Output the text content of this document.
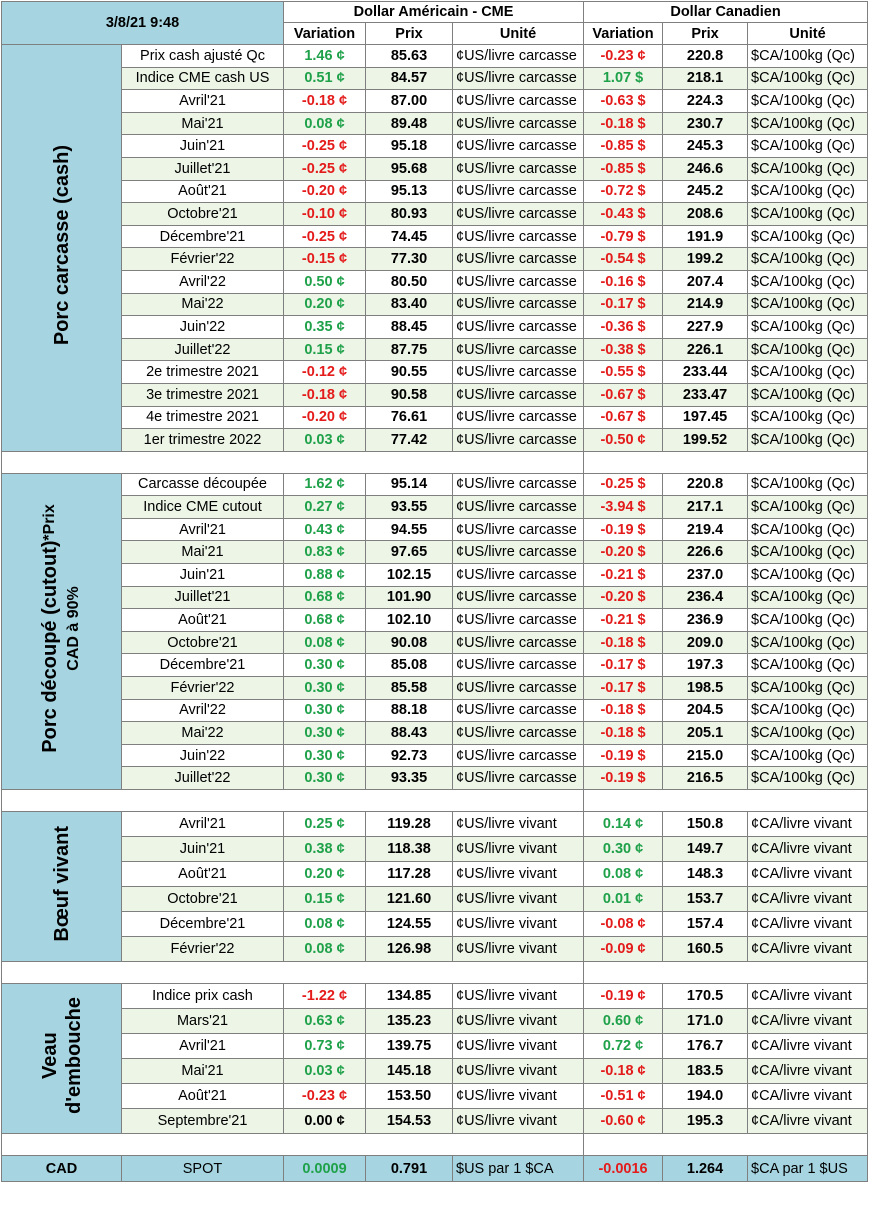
3/8/21 9:48		Dollar Américain - CME			Dollar Canadien		
		Variation	Prix	Unité	Variation	Prix	Unité
Porc carcasse (cash)	Prix cash ajusté Qc	1.46 ¢	85.63	¢US/livre carcasse	-0.23 ¢	220.8	$CA/100kg (Qc)
	Indice CME cash US	0.51 ¢	84.57	¢US/livre carcasse	1.07 $	218.1	$CA/100kg (Qc)
	Avril'21	-0.18 ¢	87.00	¢US/livre carcasse	-0.63 $	224.3	$CA/100kg (Qc)
	Mai'21	0.08 ¢	89.48	¢US/livre carcasse	-0.18 $	230.7	$CA/100kg (Qc)
	Juin'21	-0.25 ¢	95.18	¢US/livre carcasse	-0.85 $	245.3	$CA/100kg (Qc)
	Juillet'21	-0.25 ¢	95.68	¢US/livre carcasse	-0.85 $	246.6	$CA/100kg (Qc)
	Août'21	-0.20 ¢	95.13	¢US/livre carcasse	-0.72 $	245.2	$CA/100kg (Qc)
	Octobre'21	-0.10 ¢	80.93	¢US/livre carcasse	-0.43 $	208.6	$CA/100kg (Qc)
	Décembre'21	-0.25 ¢	74.45	¢US/livre carcasse	-0.79 $	191.9	$CA/100kg (Qc)
	Février'22	-0.15 ¢	77.30	¢US/livre carcasse	-0.54 $	199.2	$CA/100kg (Qc)
	Avril'22	0.50 ¢	80.50	¢US/livre carcasse	-0.16 $	207.4	$CA/100kg (Qc)
	Mai'22	0.20 ¢	83.40	¢US/livre carcasse	-0.17 $	214.9	$CA/100kg (Qc)
	Juin'22	0.35 ¢	88.45	¢US/livre carcasse	-0.36 $	227.9	$CA/100kg (Qc)
	Juillet'22	0.15 ¢	87.75	¢US/livre carcasse	-0.38 $	226.1	$CA/100kg (Qc)
	2e trimestre 2021	-0.12 ¢	90.55	¢US/livre carcasse	-0.55 $	233.44	$CA/100kg (Qc)
	3e trimestre 2021	-0.18 ¢	90.58	¢US/livre carcasse	-0.67 $	233.47	$CA/100kg (Qc)
	4e trimestre 2021	-0.20 ¢	76.61	¢US/livre carcasse	-0.67 $	197.45	$CA/100kg (Qc)
	1er trimestre 2022	0.03 ¢	77.42	¢US/livre carcasse	-0.50 ¢	199.52	$CA/100kg (Qc)

Porc découpé (cutout)*Prix
CAD à 90%	Carcasse découpée	1.62 ¢	95.14	¢US/livre carcasse	-0.25 $	220.8	$CA/100kg (Qc)
	Indice CME cutout	0.27 ¢	93.55	¢US/livre carcasse	-3.94 $	217.1	$CA/100kg (Qc)
	Avril'21	0.43 ¢	94.55	¢US/livre carcasse	-0.19 $	219.4	$CA/100kg (Qc)
	Mai'21	0.83 ¢	97.65	¢US/livre carcasse	-0.20 $	226.6	$CA/100kg (Qc)
	Juin'21	0.88 ¢	102.15	¢US/livre carcasse	-0.21 $	237.0	$CA/100kg (Qc)
	Juillet'21	0.68 ¢	101.90	¢US/livre carcasse	-0.20 $	236.4	$CA/100kg (Qc)
	Août'21	0.68 ¢	102.10	¢US/livre carcasse	-0.21 $	236.9	$CA/100kg (Qc)
	Octobre'21	0.08 ¢	90.08	¢US/livre carcasse	-0.18 $	209.0	$CA/100kg (Qc)
	Décembre'21	0.30 ¢	85.08	¢US/livre carcasse	-0.17 $	197.3	$CA/100kg (Qc)
	Février'22	0.30 ¢	85.58	¢US/livre carcasse	-0.17 $	198.5	$CA/100kg (Qc)
	Avril'22	0.30 ¢	88.18	¢US/livre carcasse	-0.18 $	204.5	$CA/100kg (Qc)
	Mai'22	0.30 ¢	88.43	¢US/livre carcasse	-0.18 $	205.1	$CA/100kg (Qc)
	Juin'22	0.30 ¢	92.73	¢US/livre carcasse	-0.19 $	215.0	$CA/100kg (Qc)
	Juillet'22	0.30 ¢	93.35	¢US/livre carcasse	-0.19 $	216.5	$CA/100kg (Qc)

Bœuf vivant	Avril'21	0.25 ¢	119.28	¢US/livre vivant	0.14 ¢	150.8	¢CA/livre vivant
	Juin'21	0.38 ¢	118.38	¢US/livre vivant	0.30 ¢	149.7	¢CA/livre vivant
	Août'21	0.20 ¢	117.28	¢US/livre vivant	0.08 ¢	148.3	¢CA/livre vivant
	Octobre'21	0.15 ¢	121.60	¢US/livre vivant	0.01 ¢	153.7	¢CA/livre vivant
	Décembre'21	0.08 ¢	124.55	¢US/livre vivant	-0.08 ¢	157.4	¢CA/livre vivant
	Février'22	0.08 ¢	126.98	¢US/livre vivant	-0.09 ¢	160.5	¢CA/livre vivant

Veau d'embouche	Indice prix cash	-1.22 ¢	134.85	¢US/livre vivant	-0.19 ¢	170.5	¢CA/livre vivant
	Mars'21	0.63 ¢	135.23	¢US/livre vivant	0.60 ¢	171.0	¢CA/livre vivant
	Avril'21	0.73 ¢	139.75	¢US/livre vivant	0.72 ¢	176.7	¢CA/livre vivant
	Mai'21	0.03 ¢	145.18	¢US/livre vivant	-0.18 ¢	183.5	¢CA/livre vivant
	Août'21	-0.23 ¢	153.50	¢US/livre vivant	-0.51 ¢	194.0	¢CA/livre vivant
	Septembre'21	0.00 ¢	154.53	¢US/livre vivant	-0.60 ¢	195.3	¢CA/livre vivant

CAD	SPOT	0.0009	0.791	$US par 1 $CA	-0.0016	1.264	$CA par 1 $US
